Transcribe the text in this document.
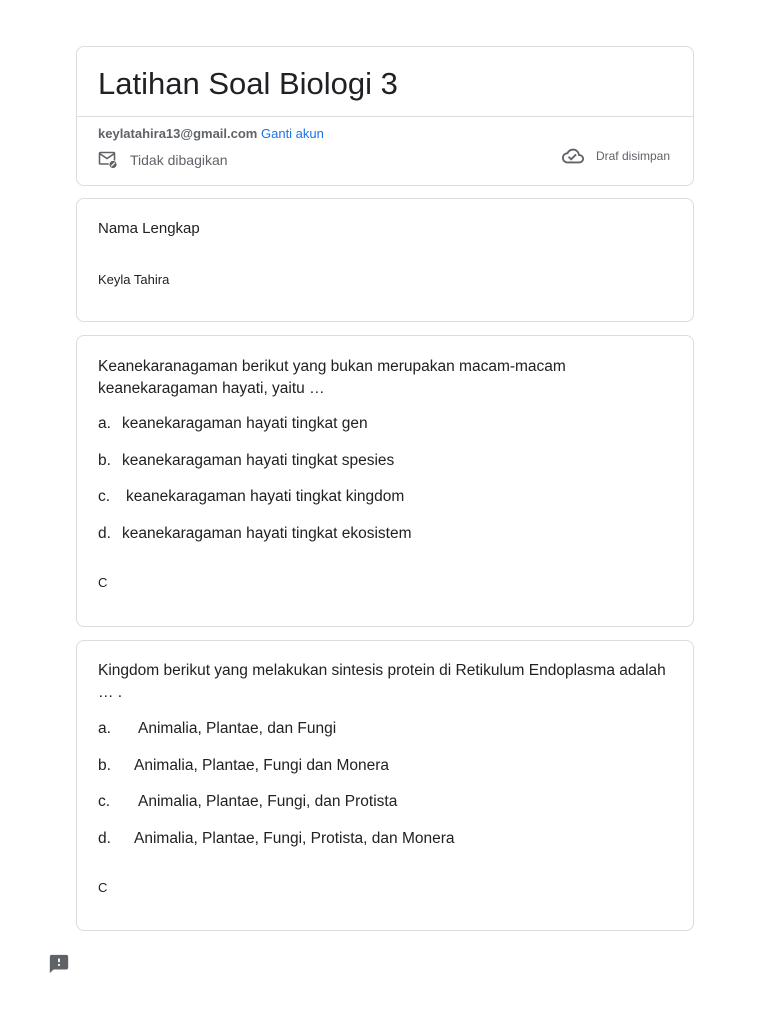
Latihan Soal Biologi 3
keylatahira13@gmail.com Ganti akun
Tidak dibagikan	Draf disimpan
Nama Lengkap
Keyla Tahira
Keanekaranagaman berikut yang bukan merupakan macam-macam
keanekaragaman hayati, yaitu …
a. keanekaragaman hayati tingkat gen
b. keanekaragaman hayati tingkat spesies
c.	keanekaragaman hayati tingkat kingdom
d. keanekaragaman hayati tingkat ekosistem
C
Kingdom berikut yang melakukan sintesis protein di Retikulum Endoplasma adalah
… .
a.	Animalia, Plantae, dan Fungi
b.	Animalia, Plantae, Fungi dan Monera
c.	Animalia, Plantae, Fungi, dan Protista
d.	Animalia, Plantae, Fungi, Protista, dan Monera
C
